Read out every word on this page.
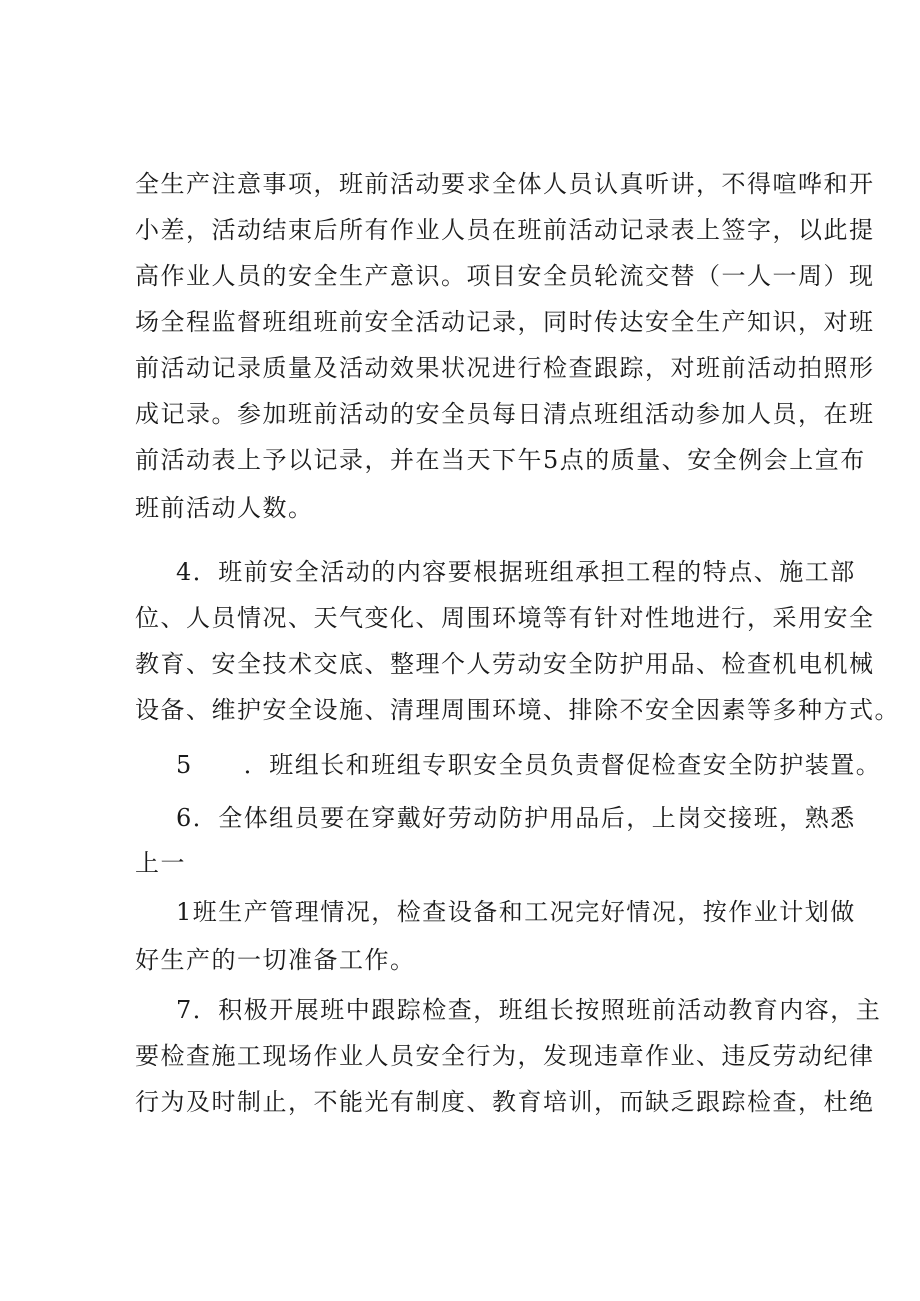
全生产注意事项，班前活动要求全体人员认真听讲，不得喧哗和开
小差，活动结束后所有作业人员在班前活动记录表上签字，以此提
高作业人员的安全生产意识。项目安全员轮流交替（一人一周）现
场全程监督班组班前安全活动记录，同时传达安全生产知识，对班
前活动记录质量及活动效果状况进行检查跟踪，对班前活动拍照形
成记录。参加班前活动的安全员每日清点班组活动参加人员，在班
前活动表上予以记录，并在当天下午5点的质量、安全例会上宣布
班前活动人数。
4．班前安全活动的内容要根据班组承担工程的特点、施工部
位、人员情况、天气变化、周围环境等有针对性地进行，采用安全
教育、安全技术交底、整理个人劳动安全防护用品、检查机电机械
设备、维护安全设施、清理周围环境、排除不安全因素等多种方式。
5　　．班组长和班组专职安全员负责督促检查安全防护装置。
6．全体组员要在穿戴好劳动防护用品后，上岗交接班，熟悉
上一
1班生产管理情况，检查设备和工况完好情况，按作业计划做
好生产的一切准备工作。
7．积极开展班中跟踪检查，班组长按照班前活动教育内容，主
要检查施工现场作业人员安全行为，发现违章作业、违反劳动纪律
行为及时制止，不能光有制度、教育培训，而缺乏跟踪检查，杜绝
